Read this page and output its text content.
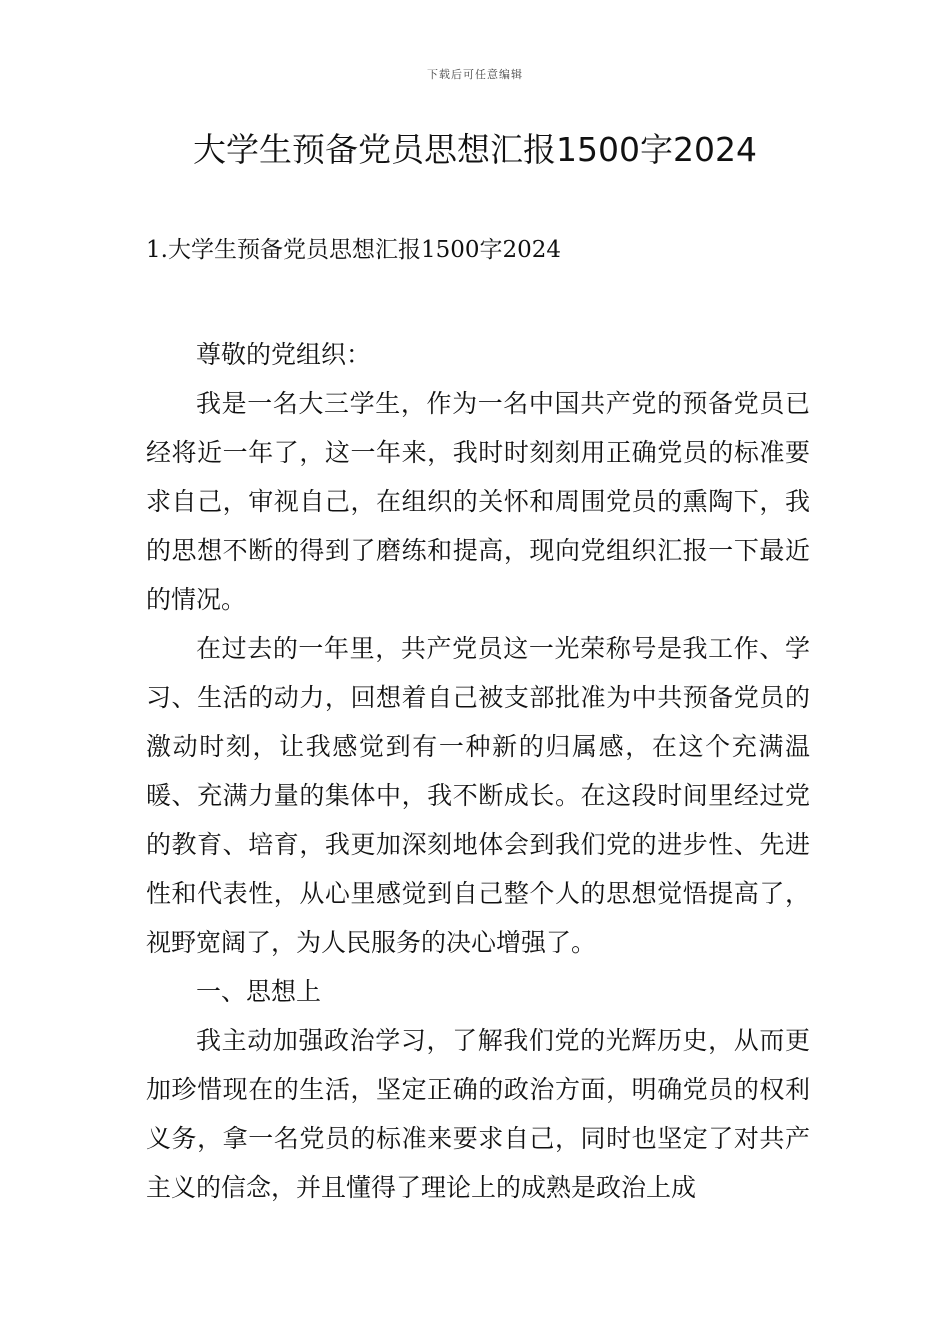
下载后可任意编辑
大学生预备党员思想汇报1500字2024

1.大学生预备党员思想汇报1500字2024

尊敬的党组织：

我是一名大三学生，作为一名中国共产党的预备党员已经将近一年了，这一年来，我时时刻刻用正确党员的标准要求自己，审视自己，在组织的关怀和周围党员的熏陶下，我的思想不断的得到了磨练和提高，现向党组织汇报一下最近的情况。

在过去的一年里，共产党员这一光荣称号是我工作、学习、生活的动力，回想着自己被支部批准为中共预备党员的激动时刻，让我感觉到有一种新的归属感，在这个充满温暖、充满力量的集体中，我不断成长。在这段时间里经过党的教育、培育，我更加深刻地体会到我们党的进步性、先进性和代表性，从心里感觉到自己整个人的思想觉悟提高了，视野宽阔了，为人民服务的决心增强了。

一、思想上

我主动加强政治学习，了解我们党的光辉历史，从而更加珍惜现在的生活，坚定正确的政治方面，明确党员的权利义务，拿一名党员的标准来要求自己，同时也坚定了对共产主义的信念，并且懂得了理论上的成熟是政治上成
